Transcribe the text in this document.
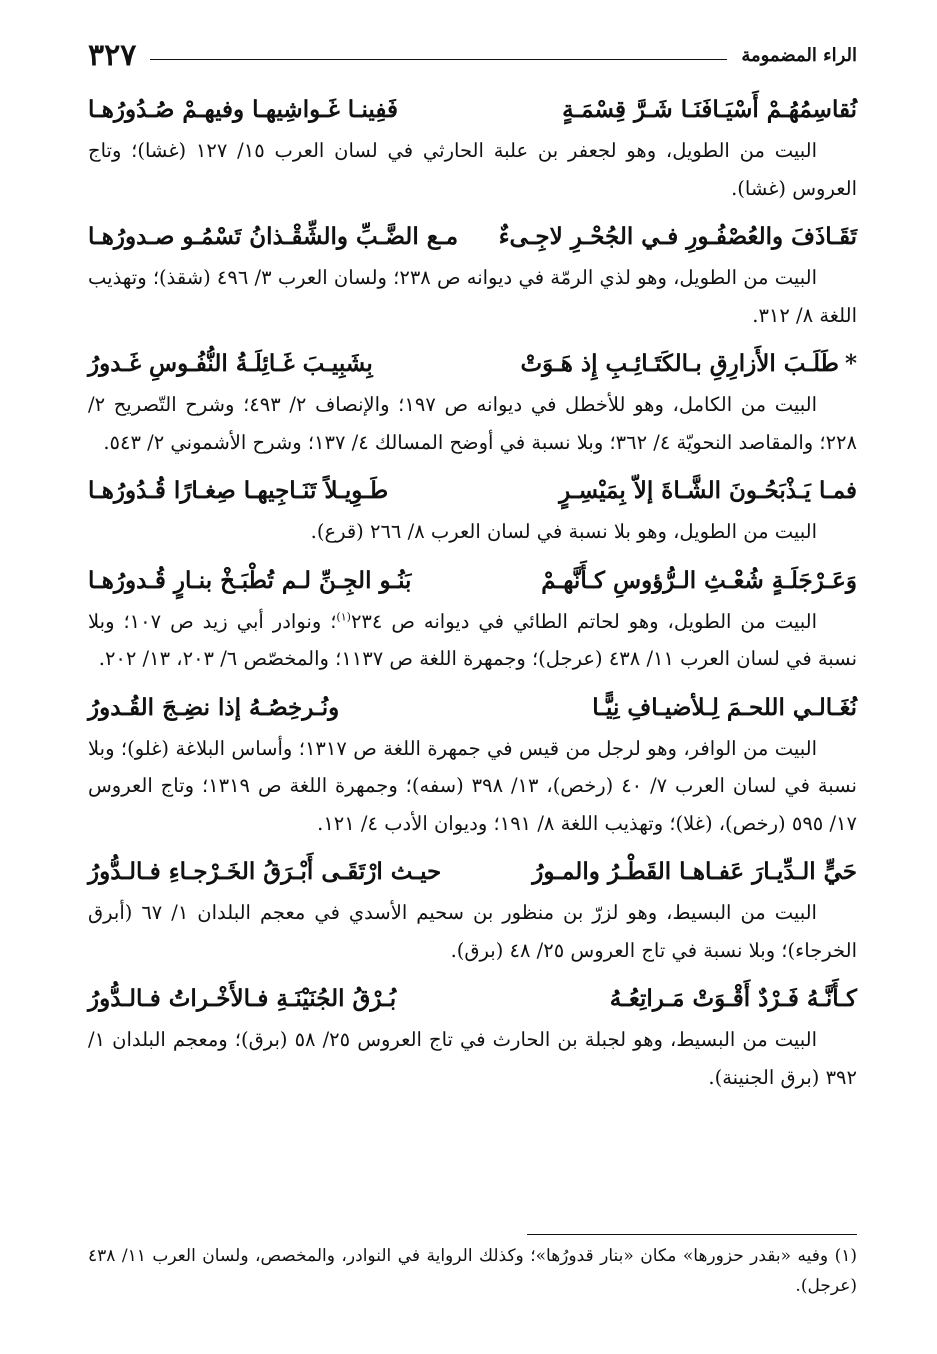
الراء المضمومة
٣٢٧
نُقاسِمُهُـمْ أَسْيَـافَنَـا شَـرَّ قِسْمَـةٍ
فَفِينـا غَـواشِيهـا وفيهـمْ صُـدُورُهـا

البيت من الطويل، وهو لجعفر بن علبة الحارثي في لسان العرب ١٥/ ١٢٧ (غشا)؛ وتاج العروس (غشا).

تَقَـاذَفَ والعُصْفُـورِ فـي الجُحْـرِ لاجِـىءٌ
مـع الضَّـبِّ والشِّقْـذانُ تَسْمُـو صـدورُهـا

البيت من الطويل، وهو لذي الرمّة في ديوانه ص ٢٣٨؛ ولسان العرب ٣/ ٤٩٦ (شقذ)؛ وتهذيب اللغة ٨/ ٣١٢.

*طَلَـبَ الأَزارِقِ بـالكَتَـائِـبِ إِذ هَـوَتْ
بِشَبِيـبَ غَـائِلَـةُ النُّفُـوسِ غَـدورُ

البيت من الكامل، وهو للأخطل في ديوانه ص ١٩٧؛ والإنصاف ٢/ ٤٩٣؛ وشرح التّصريح ٢/ ٢٢٨؛ والمقاصد النحويّة ٤/ ٣٦٢؛ وبلا نسبة في أوضح المسالك ٤/ ١٣٧؛ وشرح الأشموني ٢/ ٥٤٣.

فمـا يَـذْبَحُـونَ الشَّـاةَ إلاّ بِمَيْسِـرٍ
طَـوِيـلاً تَنَـاجِيهـا صِغـارًا قُـدُورُهـا

البيت من الطويل، وهو بلا نسبة في لسان العرب ٨/ ٢٦٦ (قرع).

وَعَـرْجَلَـةٍ شُعْـثِ الـرُّؤوسِ كـأَنَّهـمْ
بَنُـو الجِـنِّ لـم تُطْبَـخْ بنـارٍ قُـدورُهـا

البيت من الطويل، وهو لحاتم الطائي في ديوانه ص ٢٣٤$^{(١)}$؛ ونوادر أبي زيد ص ١٠٧؛ وبلا نسبة في لسان العرب ١١/ ٤٣٨ (عرجل)؛ وجمهرة اللغة ص ١١٣٧؛ والمخصّص ٦/ ٢٠٣، ١٣/ ٢٠٢.

نُغَـالـي اللحـمَ لِـلأضيـافِ نِيًّـا
ونُـرخِصُـهُ إذا نضِـجَ القُـدورُ

البيت من الوافر، وهو لرجل من قيس في جمهرة اللغة ص ١٣١٧؛ وأساس البلاغة (غلو)؛ وبلا نسبة في لسان العرب ٧/ ٤٠ (رخص)، ١٣/ ٣٩٨ (سفه)؛ وجمهرة اللغة ص ١٣١٩؛ وتاج العروس ١٧/ ٥٩٥ (رخص)، (غلا)؛ وتهذيب اللغة ٨/ ١٩١؛ وديوان الأدب ٤/ ١٢١.

حَيٍّ الـدِّيـارَ عَفـاهـا القَطْـرُ والمـورُ
حيـث ارْتَقَـى أَبْـرَقُ الخَـرْجـاءِ فـالـدُّورُ

البيت من البسيط، وهو لزرّ بن منظور بن سحيم الأسدي في معجم البلدان ١/ ٦٧ (أبرق الخرجاء)؛ وبلا نسبة في تاج العروس ٢٥/ ٤٨ (برق).

كـأَنَّـهُ فَـرْدٌ أَقْـوَتْ مَـراتِعُـهُ
بُـرْقُ الجُنَيْنَـةِ فـالأَخْـراتُ فـالـدُّورُ

البيت من البسيط، وهو لجبلة بن الحارث في تاج العروس ٢٥/ ٥٨ (برق)؛ ومعجم البلدان ١/ ٣٩٢ (برق الجنينة).

(١) وفيه «بقدر حزورها» مكان «بنار قدورُها»؛ وكذلك الرواية في النوادر، والمخصص، ولسان العرب ١١/ ٤٣٨ (عرجل).
